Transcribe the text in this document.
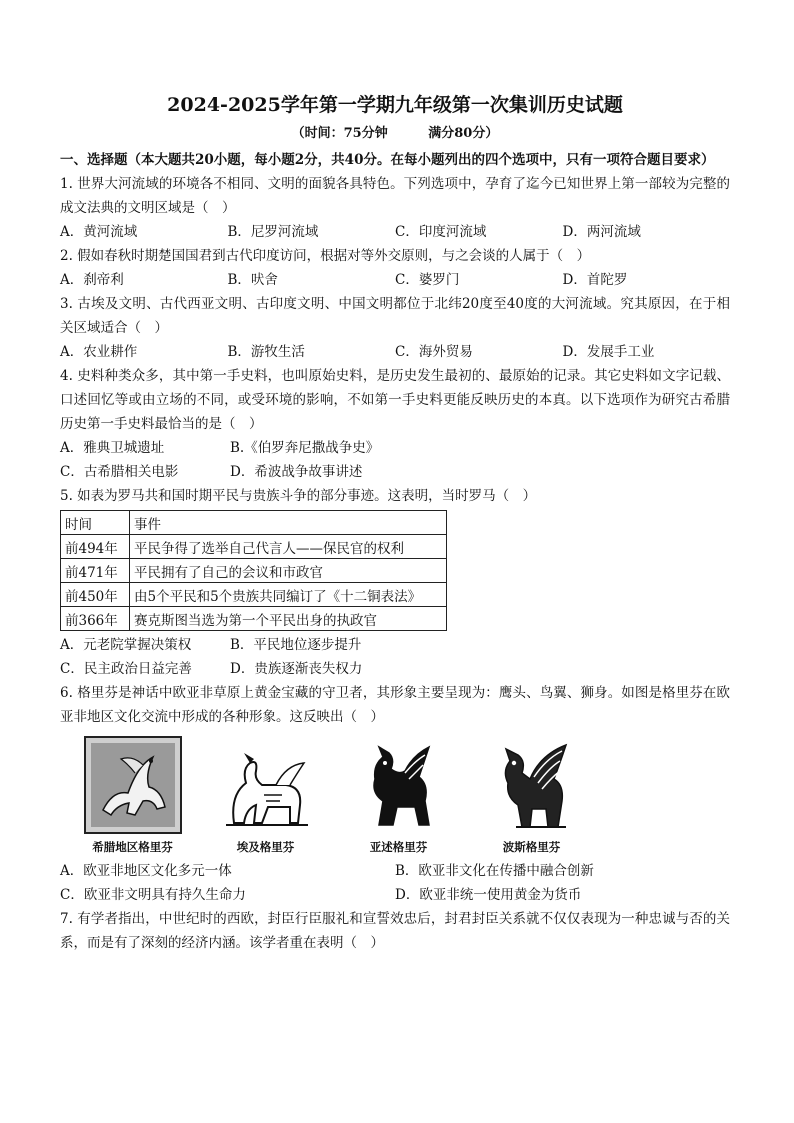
2024-2025学年第一学期九年级第一次集训历史试题
（时间：75分钟	满分80分）

一、选择题（本大题共20小题，每小题2分，共40分。在每小题列出的四个选项中，只有一项符合题目要求）

1. 世界大河流域的环境各不相同、文明的面貌各具特色。下列选项中，孕育了迄今已知世界上第一部较为完整的成文法典的文明区域是（　）

A．黄河流域	B．尼罗河流域	C．印度河流域	D．两河流域

2. 假如春秋时期楚国国君到古代印度访问，根据对等外交原则，与之会谈的人属于（　）

A．刹帝利	B．吠舍	C．婆罗门	D．首陀罗

3. 古埃及文明、古代西亚文明、古印度文明、中国文明都位于北纬20度至40度的大河流域。究其原因，在于相关区域适合（　）

A．农业耕作	B．游牧生活	C．海外贸易	D．发展手工业

4. 史料种类众多，其中第一手史料，也叫原始史料，是历史发生最初的、最原始的记录。其它史料如文字记载、口述回忆等或由立场的不同，或受环境的影响，不如第一手史料更能反映历史的本真。以下选项作为研究古希腊历史第一手史料最恰当的是（　）

A．雅典卫城遗址	B.《伯罗奔尼撒战争史》
C．古希腊相关电影	D．希波战争故事讲述

5. 如表为罗马共和国时期平民与贵族斗争的部分事迹。这表明，当时罗马（　）

时间	事件
前494年	平民争得了选举自己代言人——保民官的权利
前471年	平民拥有了自己的会议和市政官
前450年	由5个平民和5个贵族共同编订了《十二铜表法》
前366年	赛克斯图当选为第一个平民出身的执政官
A．元老院掌握决策权	B．平民地位逐步提升
C．民主政治日益完善	D．贵族逐渐丧失权力

6. 格里芬是神话中欧亚非草原上黄金宝藏的守卫者，其形象主要呈现为：鹰头、鸟翼、狮身。如图是格里芬在欧亚非地区文化交流中形成的各种形象。这反映出（　）

希腊地区格里芬	埃及格里芬	亚述格里芬	波斯格里芬
A．欧亚非地区文化多元一体	B．欧亚非文化在传播中融合创新
C．欧亚非文明具有持久生命力	D．欧亚非统一使用黄金为货币

7. 有学者指出，中世纪时的西欧，封臣行臣服礼和宣誓效忠后，封君封臣关系就不仅仅表现为一种忠诚与否的关系，而是有了深刻的经济内涵。该学者重在表明（　）
